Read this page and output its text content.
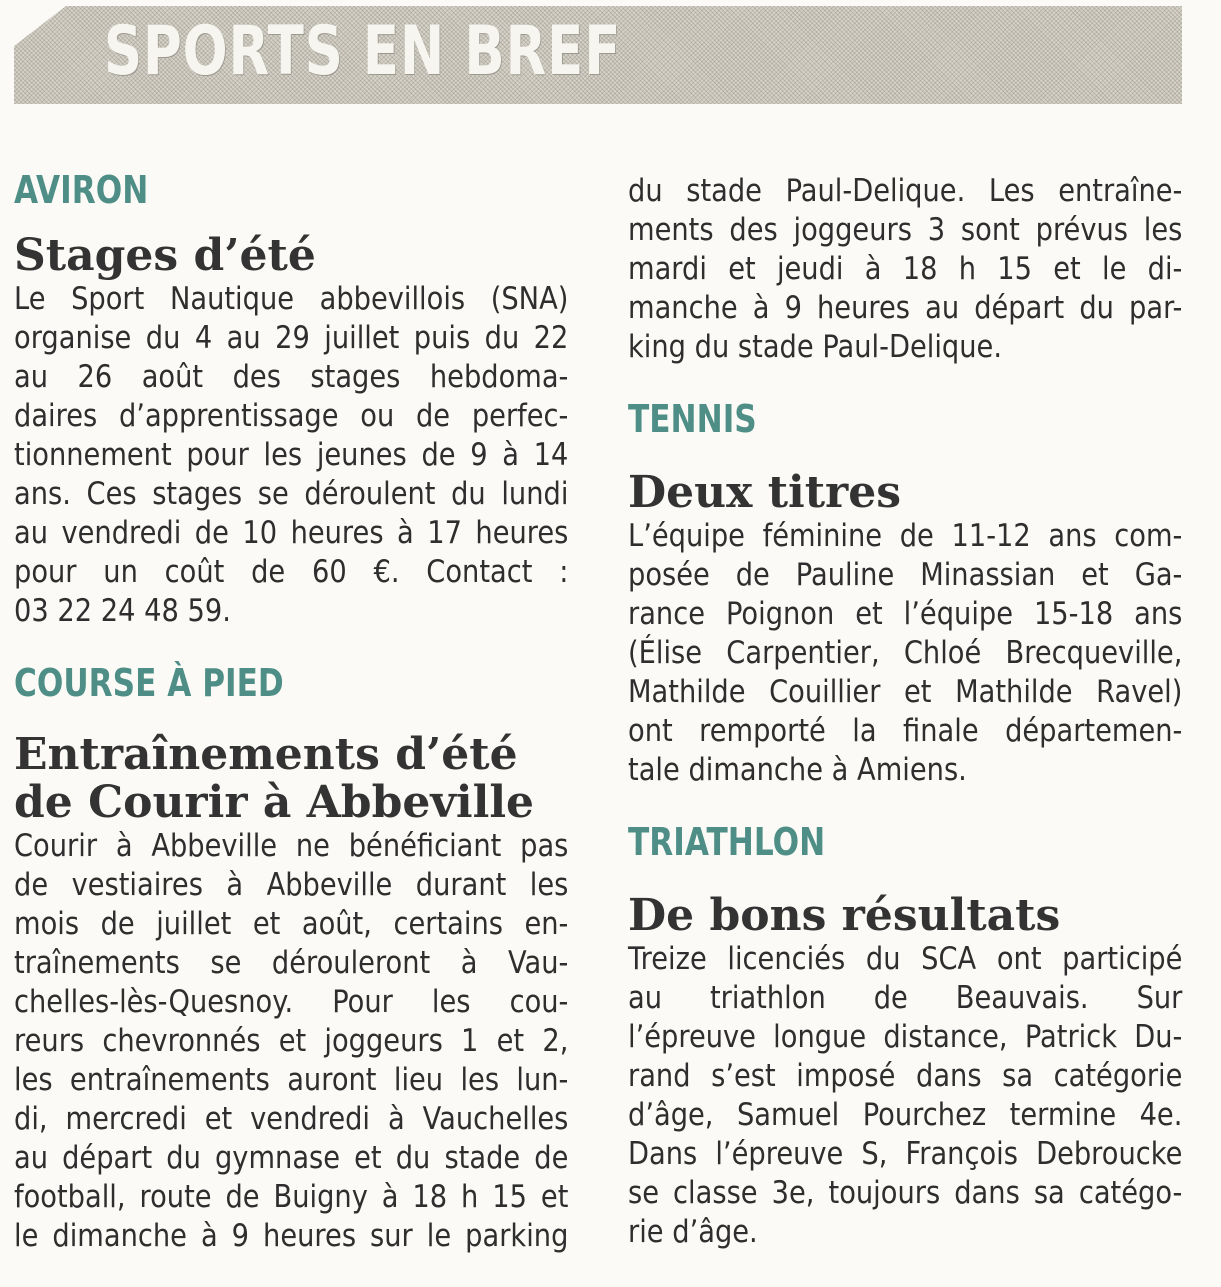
SPORTS EN BREF
AVIRON
Stages d’été
Le Sport Nautique abbevillois (SNA)
organise du 4 au 29 juillet puis du 22
au 26 août des stages hebdoma-
daires d’apprentissage ou de perfec-
tionnement pour les jeunes de 9 à 14
ans. Ces stages se déroulent du lundi
au vendredi de 10 heures à 17 heures
pour un coût de 60 €. Contact :
03 22 24 48 59.
COURSE À PIED
Entraînements d’été
de Courir à Abbeville
Courir à Abbeville ne bénéficiant pas
de vestiaires à Abbeville durant les
mois de juillet et août, certains en-
traînements se dérouleront à Vau-
chelles-lès-Quesnoy. Pour les cou-
reurs chevronnés et joggeurs 1 et 2,
les entraînements auront lieu les lun-
di, mercredi et vendredi à Vauchelles
au départ du gymnase et du stade de
football, route de Buigny à 18 h 15 et
le dimanche à 9 heures sur le parking
du stade Paul-Delique. Les entraîne-
ments des joggeurs 3 sont prévus les
mardi et jeudi à 18 h 15 et le di-
manche à 9 heures au départ du par-
king du stade Paul-Delique.
TENNIS
Deux titres
L’équipe féminine de 11-12 ans com-
posée de Pauline Minassian et Ga-
rance Poignon et l’équipe 15-18 ans
(Élise Carpentier, Chloé Brecqueville,
Mathilde Couillier et Mathilde Ravel)
ont remporté la finale départemen-
tale dimanche à Amiens.
TRIATHLON
De bons résultats
Treize licenciés du SCA ont participé
au triathlon de Beauvais. Sur
l’épreuve longue distance, Patrick Du-
rand s’est imposé dans sa catégorie
d’âge, Samuel Pourchez termine 4e.
Dans l’épreuve S, François Debroucke
se classe 3e, toujours dans sa catégo-
rie d’âge.
